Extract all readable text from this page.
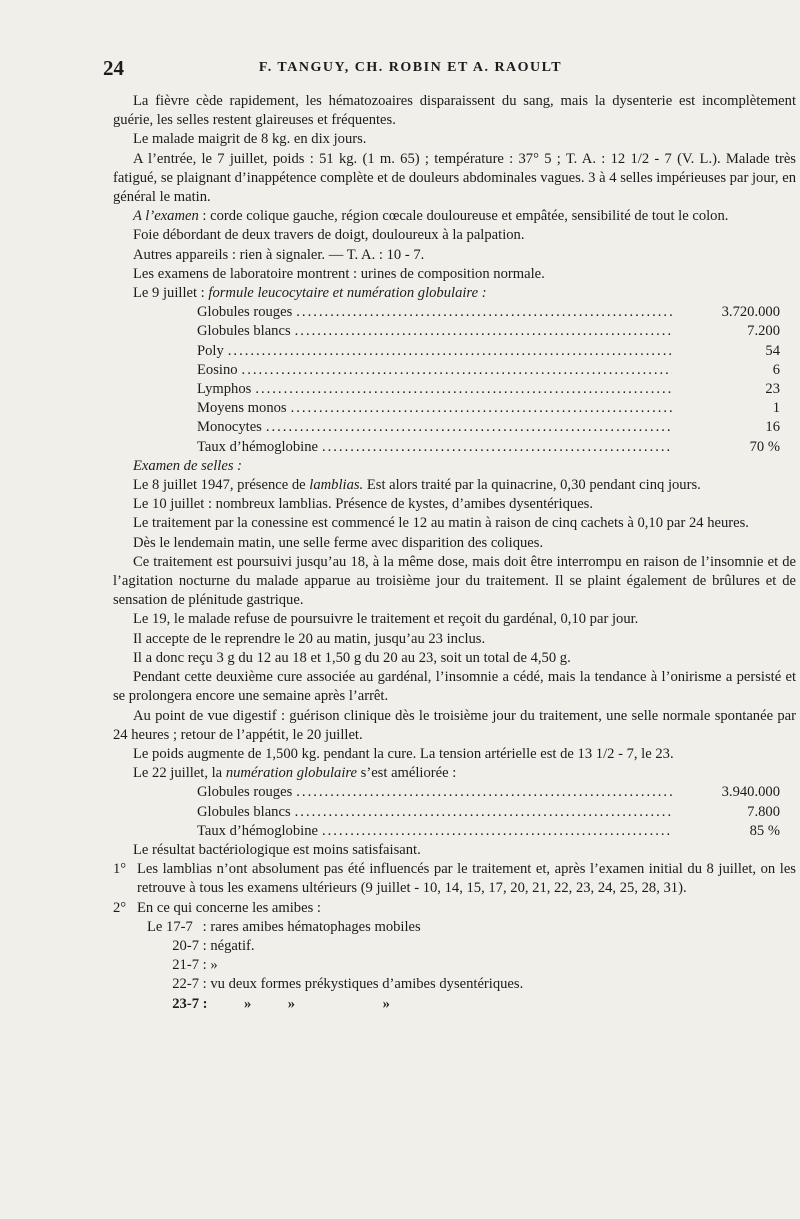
24	F. TANGUY, CH. ROBIN ET A. RAOULT

La fièvre cède rapidement, les hématozoaires disparaissent du sang, mais la dysenterie est incomplètement guérie, les selles restent glaireuses et fréquentes.

Le malade maigrit de 8 kg. en dix jours.

A l’entrée, le 7 juillet, poids : 51 kg. (1 m. 65) ; température : 37° 5 ; T. A. : 12 1/2 - 7 (V. L.). Malade très fatigué, se plaignant d’inappétence complète et de douleurs abdominales vagues. 3 à 4 selles impérieuses par jour, en général le matin.

A l’examen : corde colique gauche, région cœcale douloureuse et empâtée, sensibilité de tout le colon.

Foie débordant de deux travers de doigt, douloureux à la palpation.

Autres appareils : rien à signaler. — T. A. : 10 - 7.

Les examens de laboratoire montrent : urines de composition normale.

Le 9 juillet : formule leucocytaire et numération globulaire :

Globules rouges .....	3.720.000
Globules blancs .....	7.200
Poly .....	54
Eosino .....	6
Lymphos .....	23
Moyens monos .....	1
Monocytes .....	16
Taux d’hémoglobine .....	70 %

Examen de selles :

Le 8 juillet 1947, présence de lamblias. Est alors traité par la quinacrine, 0,30 pendant cinq jours.

Le 10 juillet : nombreux lamblias. Présence de kystes, d’amibes dysentériques.

Le traitement par la conessine est commencé le 12 au matin à raison de cinq cachets à 0,10 par 24 heures.

Dès le lendemain matin, une selle ferme avec disparition des coliques.

Ce traitement est poursuivi jusqu’au 18, à la même dose, mais doit être interrompu en raison de l’insomnie et de l’agitation nocturne du malade apparue au troisième jour du traitement. Il se plaint également de brûlures et de sensation de plénitude gastrique.

Le 19, le malade refuse de poursuivre le traitement et reçoit du gardénal, 0,10 par jour.

Il accepte de le reprendre le 20 au matin, jusqu’au 23 inclus.

Il a donc reçu 3 g du 12 au 18 et 1,50 g du 20 au 23, soit un total de 4,50 g.

Pendant cette deuxième cure associée au gardénal, l’insomnie a cédé, mais la tendance à l’onirisme a persisté et se prolongera encore une semaine après l’arrêt.

Au point de vue digestif : guérison clinique dès le troisième jour du traitement, une selle normale spontanée par 24 heures ; retour de l’appétit, le 20 juillet.

Le poids augmente de 1,500 kg. pendant la cure. La tension artérielle est de 13 1/2 - 7, le 23.

Le 22 juillet, la numération globulaire s’est améliorée :

Globules rouges .....	3.940.000
Globules blancs .....	7.800
Taux d’hémoglobine .....	85 %

Le résultat bactériologique est moins satisfaisant.

1° Les lamblias n’ont absolument pas été influencés par le traitement et, après l’examen initial du 8 juillet, on les retrouve à tous les examens ultérieurs (9 juillet - 10, 14, 15, 17, 20, 21, 22, 23, 24, 25, 28, 31).
2° En ce qui concerne les amibes :
Le 17-7 : rares amibes hématophages mobiles
20-7 : négatif.
21-7 : »
22-7 : vu deux formes prékystiques d’amibes dysentériques.
23-7 :          »          »                        »
